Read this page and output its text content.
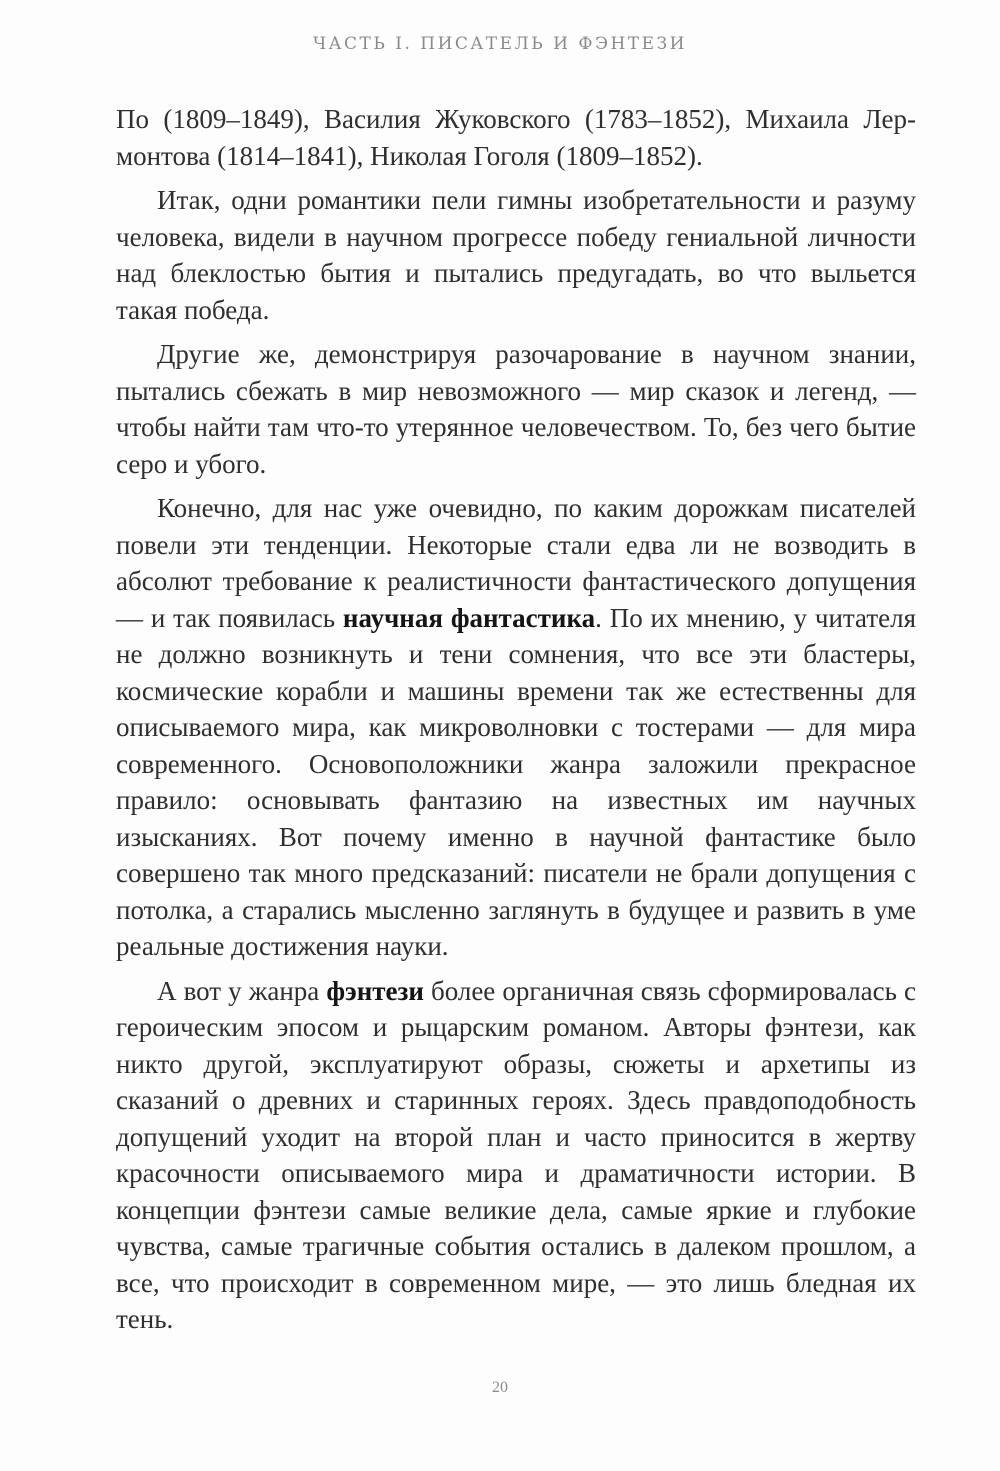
ЧАСТЬ I. ПИСАТЕЛЬ И ФЭНТЕЗИ

По (1809–1849), Василия Жуковского (1783–1852), Михаила Лермонтова (1814–1841), Николая Гоголя (1809–1852).

Итак, одни романтики пели гимны изобретательности и разуму человека, видели в научном прогрессе победу гениальной личности над блеклостью бытия и пытались предугадать, во что выльется такая победа.

Другие же, демонстрируя разочарование в научном знании, пытались сбежать в мир невозможного — мир сказок и легенд, — чтобы найти там что-то утерянное человечеством. То, без чего бытие серо и убого.

Конечно, для нас уже очевидно, по каким дорожкам писателей повели эти тенденции. Некоторые стали едва ли не возводить в абсолют требование к реалистичности фантастического допущения — и так появилась научная фантастика. По их мнению, у читателя не должно возникнуть и тени сомнения, что все эти бластеры, космические корабли и машины времени так же естественны для описываемого мира, как микроволновки с тостерами — для мира современного. Основоположники жанра заложили прекрасное правило: основывать фантазию на известных им научных изысканиях. Вот почему именно в научной фантастике было совершено так много предсказаний: писатели не брали допущения с потолка, а старались мысленно заглянуть в будущее и развить в уме реальные достижения науки.

А вот у жанра фэнтези более органичная связь сформировалась с героическим эпосом и рыцарским романом. Авторы фэнтези, как никто другой, эксплуатируют образы, сюжеты и архетипы из сказаний о древних и старинных героях. Здесь правдоподобность допущений уходит на второй план и часто приносится в жертву красочности описываемого мира и драматичности истории. В концепции фэнтези самые великие дела, самые яркие и глубокие чувства, самые трагичные события остались в далеком прошлом, а все, что происходит в современном мире, — это лишь бледная их тень.

20
